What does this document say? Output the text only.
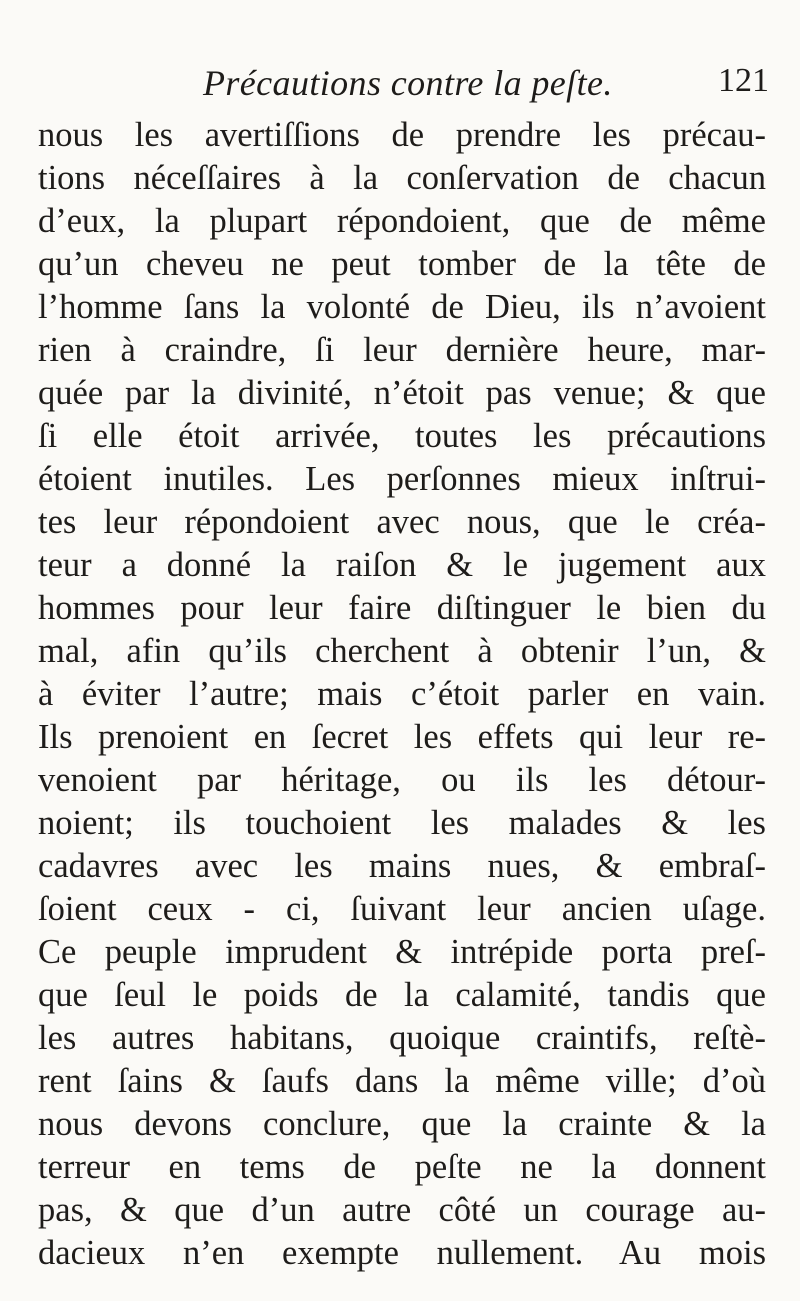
Précautions contre la peſte.	121
nous les avertiſſions de prendre les précau-
tions néceſſaires à la conſervation de chacun
d’eux, la plupart répondoient, que de même
qu’un cheveu ne peut tomber de la tête de
l’homme ſans la volonté de Dieu, ils n’avoient
rien à craindre, ſi leur dernière heure, mar-
quée par la divinité, n’étoit pas venue; & que
ſi elle étoit arrivée, toutes les précautions
étoient inutiles. Les perſonnes mieux inſtrui-
tes leur répondoient avec nous, que le créa-
teur a donné la raiſon & le jugement aux
hommes pour leur faire diſtinguer le bien du
mal, afin qu’ils cherchent à obtenir l’un, &
à éviter l’autre; mais c’étoit parler en vain.
Ils prenoient en ſecret les effets qui leur re-
venoient par héritage, ou ils les détour-
noient; ils touchoient les malades & les
cadavres avec les mains nues, & embraſ-
ſoient ceux - ci, ſuivant leur ancien uſage.
Ce peuple imprudent & intrépide porta preſ-
que ſeul le poids de la calamité, tandis que
les autres habitans, quoique craintifs, reſtè-
rent ſains & ſaufs dans la même ville; d’où
nous devons conclure, que la crainte & la
terreur en tems de peſte ne la donnent
pas, & que d’un autre côté un courage au-
dacieux n’en exempte nullement. Au mois
